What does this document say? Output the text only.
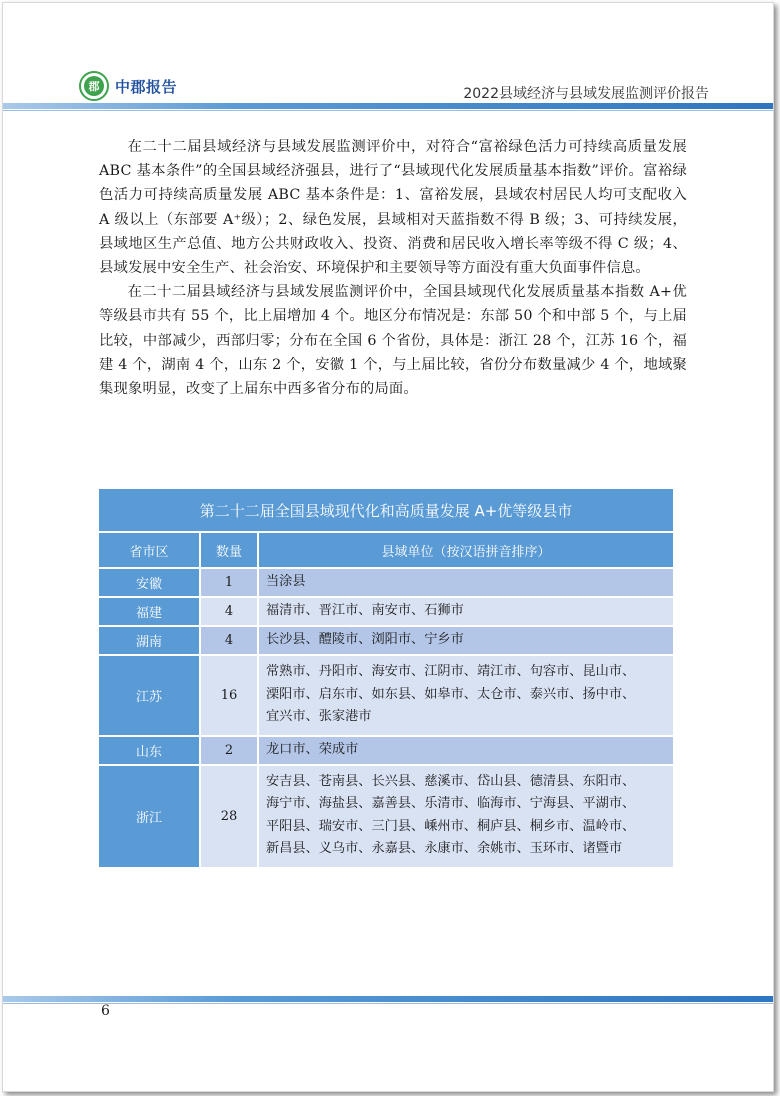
郡 中郡报告	2022县域经济与县域发展监测评价报告

在二十二届县域经济与县域发展监测评价中，对符合“富裕绿色活力可持续高质量发展 ABC 基本条件”的全国县域经济强县，进行了“县域现代化发展质量基本指数”评价。富裕绿色活力可持续高质量发展 ABC 基本条件是：1、富裕发展，县域农村居民人均可支配收入 A 级以上（东部要 A⁺级）；2、绿色发展，县域相对天蓝指数不得 B 级；3、可持续发展，县域地区生产总值、地方公共财政收入、投资、消费和居民收入增长率等级不得 C 级；4、县域发展中安全生产、社会治安、环境保护和主要领导等方面没有重大负面事件信息。

在二十二届县域经济与县域发展监测评价中，全国县域现代化发展质量基本指数 A+优等级县市共有 55 个，比上届增加 4 个。地区分布情况是：东部 50 个和中部 5 个，与上届比较，中部减少，西部归零；分布在全国 6 个省份，具体是：浙江 28 个，江苏 16 个，福建 4 个，湖南 4 个，山东 2 个，安徽 1 个，与上届比较，省份分布数量减少 4 个，地域聚集现象明显，改变了上届东中西多省分布的局面。

第二十二届全国县域现代化和高质量发展 A+优等级县市		
省市区	数量	县域单位（按汉语拼音排序）
安徽	1	当涂县

福建	4	福清市、晋江市、南安市、石狮市

湖南	4	长沙县、醴陵市、浏阳市、宁乡市

江苏	16	常熟市、丹阳市、海安市、江阴市、靖江市、句容市、昆山市、
溧阳市、启东市、如东县、如皋市、太仓市、泰兴市、扬中市、
宜兴市、张家港市

山东	2	龙口市、荣成市

浙江	28	安吉县、苍南县、长兴县、慈溪市、岱山县、德清县、东阳市、
海宁市、海盐县、嘉善县、乐清市、临海市、宁海县、平湖市、
平阳县、瑞安市、三门县、嵊州市、桐庐县、桐乡市、温岭市、
新昌县、义乌市、永嘉县、永康市、余姚市、玉环市、诸暨市
6
